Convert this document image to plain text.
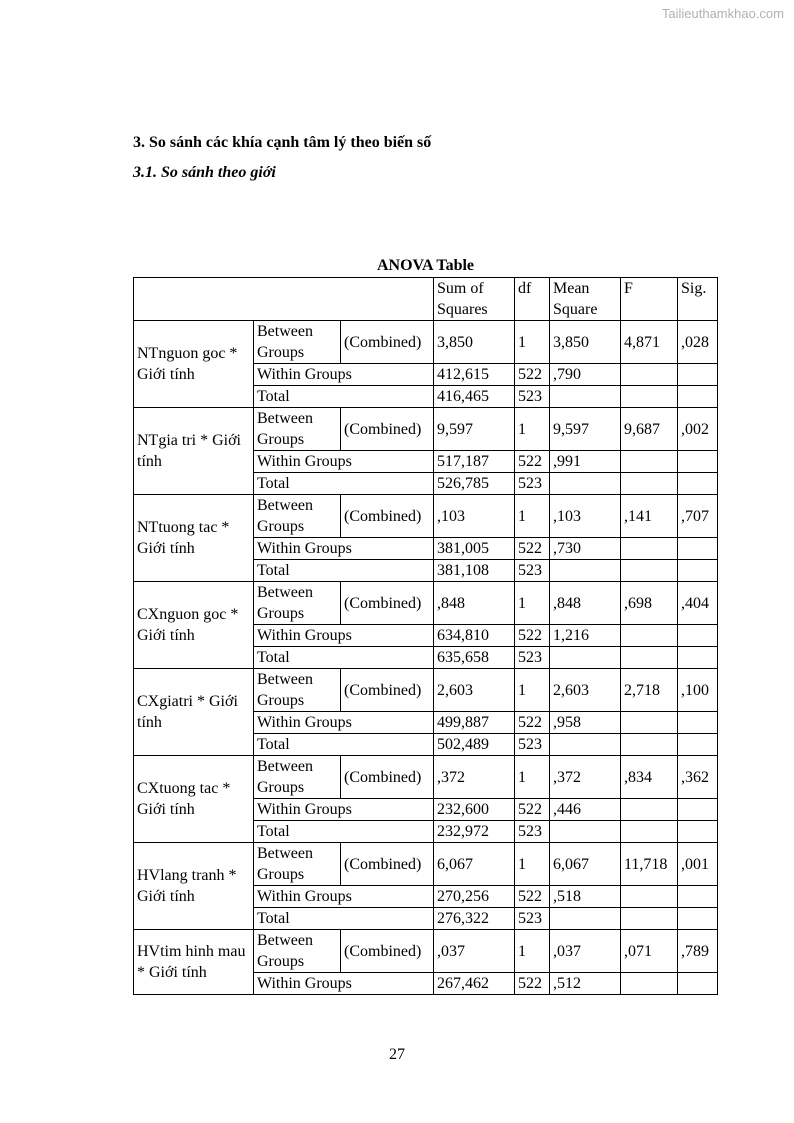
Tailieuthamkhao.com
3. So sánh các khía cạnh tâm lý theo biến số
3.1. So sánh theo giới
ANOVA Table
			Sum of Squares	df	Mean Square	F	Sig.
NTnguon goc * Giới tính	Between Groups	(Combined)	3,850	1	3,850	4,871	,028
	Within Groups		412,615	522	,790		
	Total		416,465	523			
NTgia tri * Giới tính	Between Groups	(Combined)	9,597	1	9,597	9,687	,002
	Within Groups		517,187	522	,991		
	Total		526,785	523			
NTtuong tac * Giới tính	Between Groups	(Combined)	,103	1	,103	,141	,707
	Within Groups		381,005	522	,730		
	Total		381,108	523			
CXnguon goc * Giới tính	Between Groups	(Combined)	,848	1	,848	,698	,404
	Within Groups		634,810	522	1,216		
	Total		635,658	523			
CXgiatri * Giới tính	Between Groups	(Combined)	2,603	1	2,603	2,718	,100
	Within Groups		499,887	522	,958		
	Total		502,489	523			
CXtuong tac * Giới tính	Between Groups	(Combined)	,372	1	,372	,834	,362
	Within Groups		232,600	522	,446		
	Total		232,972	523			
HVlang tranh * Giới tính	Between Groups	(Combined)	6,067	1	6,067	11,718	,001
	Within Groups		270,256	522	,518		
	Total		276,322	523			
HVtim hinh mau * Giới tính	Between Groups	(Combined)	,037	1	,037	,071	,789
	Within Groups		267,462	522	,512		
27
